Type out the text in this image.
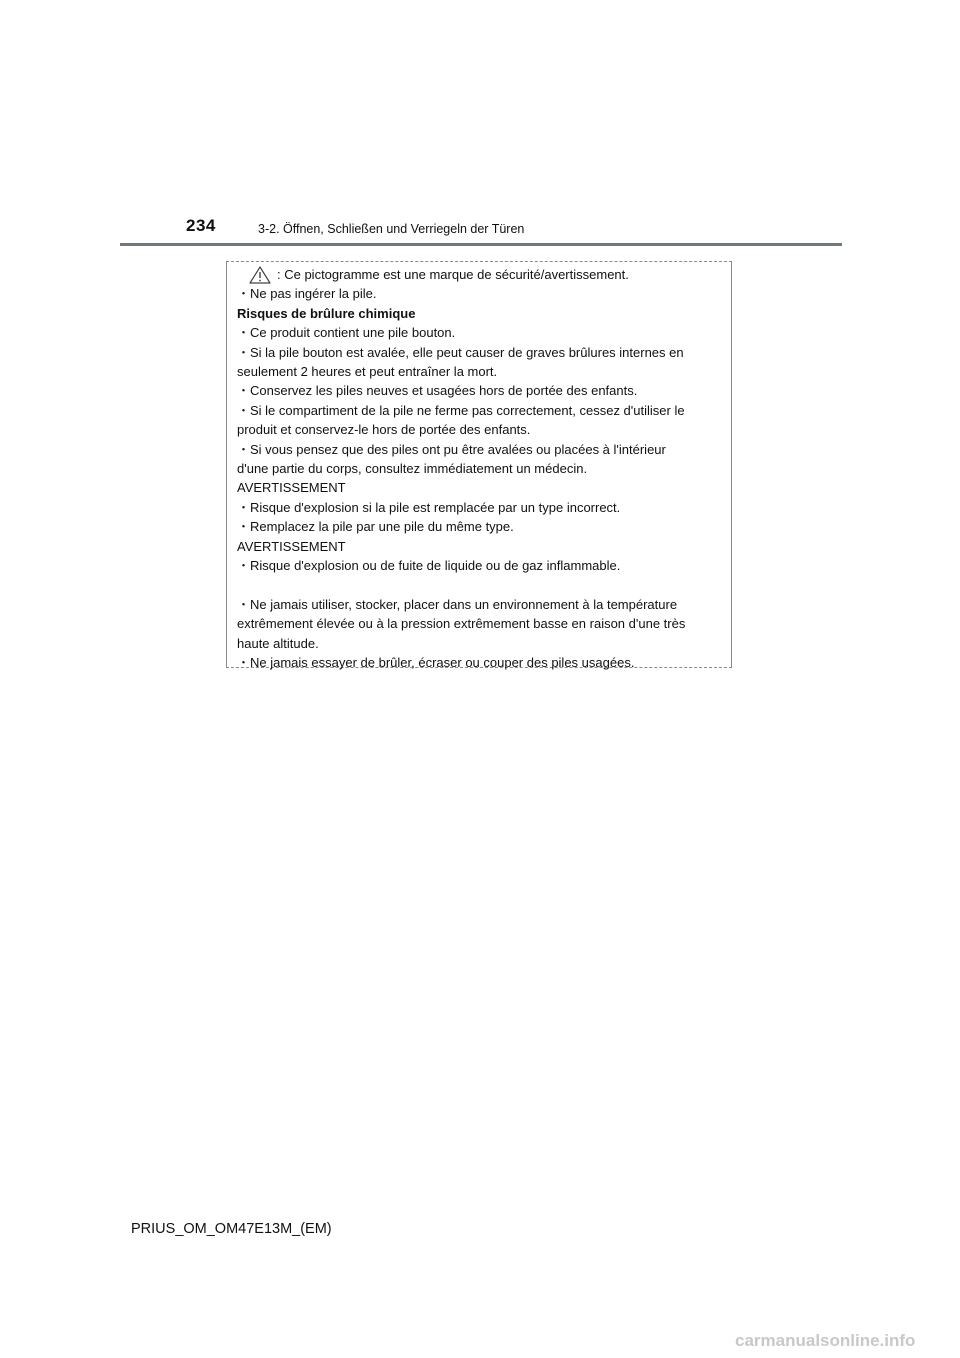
234	3-2. Öffnen, Schließen und Verriegeln der Türen
: Ce pictogramme est une marque de sécurité/avertissement.
・Ne pas ingérer la pile.
Risques de brûlure chimique
・Ce produit contient une pile bouton.
・Si la pile bouton est avalée, elle peut causer de graves brûlures internes en
seulement 2 heures et peut entraîner la mort.
・Conservez les piles neuves et usagées hors de portée des enfants.
・Si le compartiment de la pile ne ferme pas correctement, cessez d'utiliser le
produit et conservez-le hors de portée des enfants.
・Si vous pensez que des piles ont pu être avalées ou placées à l'intérieur
d'une partie du corps, consultez immédiatement un médecin.
AVERTISSEMENT
・Risque d'explosion si la pile est remplacée par un type incorrect.
・Remplacez la pile par une pile du même type.
AVERTISSEMENT
・Risque d'explosion ou de fuite de liquide ou de gaz inflammable.
・Ne jamais utiliser, stocker, placer dans un environnement à la température
extrêmement élevée ou à la pression extrêmement basse en raison d'une très
haute altitude.
・Ne jamais essayer de brûler, écraser ou couper des piles usagées.
PRIUS_OM_OM47E13M_(EM)
carmanualsonline.info
